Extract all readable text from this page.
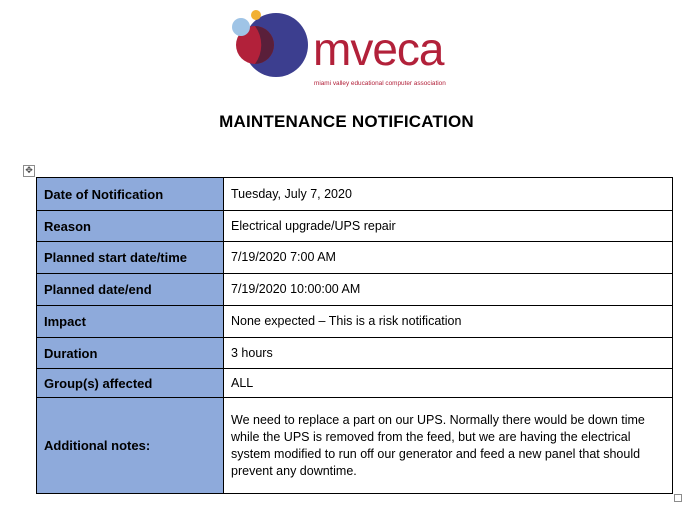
mveca
miami valley educational computer association
MAINTENANCE NOTIFICATION
✥
Date of Notification	Tuesday, July 7, 2020
Reason	Electrical upgrade/UPS repair
Planned start date/time	7/19/2020 7:00 AM
Planned date/end	7/19/2020 10:00:00 AM
Impact	None expected – This is a risk notification
Duration	3 hours
Group(s) affected	ALL
Additional notes:	We need to replace a part on our UPS. Normally there would be down time while the UPS is removed from the feed, but we are having the electrical system modified to run off our generator and feed a new panel that should prevent any downtime.
